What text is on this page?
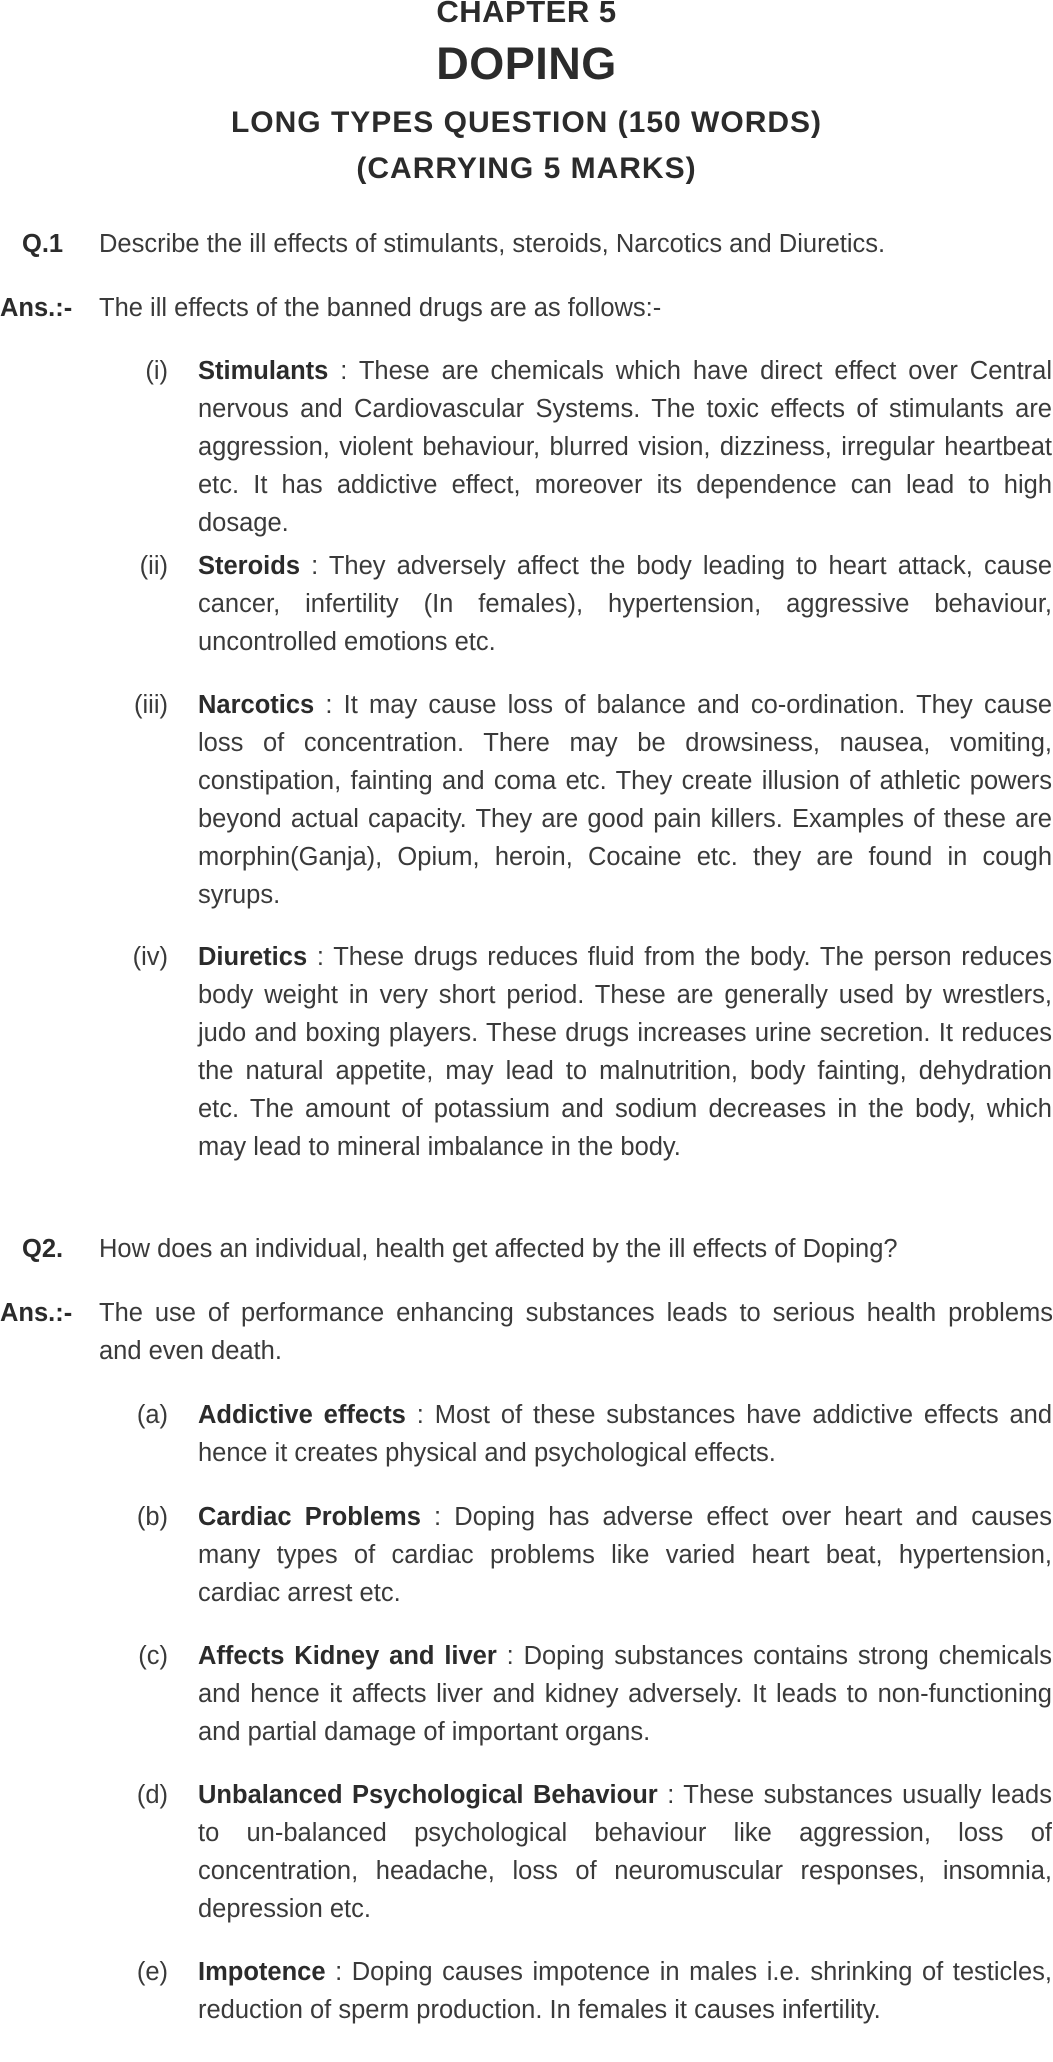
CHAPTER 5
DOPING
LONG TYPES QUESTION (150 WORDS)
(CARRYING 5 MARKS)
Q.1 Describe the ill effects of stimulants, steroids, Narcotics and Diuretics.
Ans.:- The ill effects of the banned drugs are as follows:-
(i) Stimulants : These are chemicals which have direct effect over Central nervous and Cardiovascular Systems. The toxic effects of stimulants are aggression, violent behaviour, blurred vision, dizziness, irregular heartbeat etc. It has addictive effect, moreover its dependence can lead to high dosage.
(ii) Steroids : They adversely affect the body leading to heart attack, cause cancer, infertility (In females), hypertension, aggressive behaviour, uncontrolled emotions etc.
(iii) Narcotics : It may cause loss of balance and co-ordination. They cause loss of concentration. There may be drowsiness, nausea, vomiting, constipation, fainting and coma etc. They create illusion of athletic powers beyond actual capacity. They are good pain killers. Examples of these are morphin(Ganja), Opium, heroin, Cocaine etc. they are found in cough syrups.
(iv) Diuretics : These drugs reduces fluid from the body. The person reduces body weight in very short period. These are generally used by wrestlers, judo and boxing players. These drugs increases urine secretion. It reduces the natural appetite, may lead to malnutrition, body fainting, dehydration etc. The amount of potassium and sodium decreases in the body, which may lead to mineral imbalance in the body.
Q2. How does an individual, health get affected by the ill effects of Doping?
Ans.:- The use of performance enhancing substances leads to serious health problems and even death.
(a) Addictive effects : Most of these substances have addictive effects and hence it creates physical and psychological effects.
(b) Cardiac Problems : Doping has adverse effect over heart and causes many types of cardiac problems like varied heart beat, hypertension, cardiac arrest etc.
(c) Affects Kidney and liver : Doping substances contains strong chemicals and hence it affects liver and kidney adversely. It leads to non-functioning and partial damage of important organs.
(d) Unbalanced Psychological Behaviour : These substances usually leads to un-balanced psychological behaviour like aggression, loss of concentration, headache, loss of neuromuscular responses, insomnia, depression etc.
(e) Impotence : Doping causes impotence in males i.e. shrinking of testicles, reduction of sperm production. In females it causes infertility.
